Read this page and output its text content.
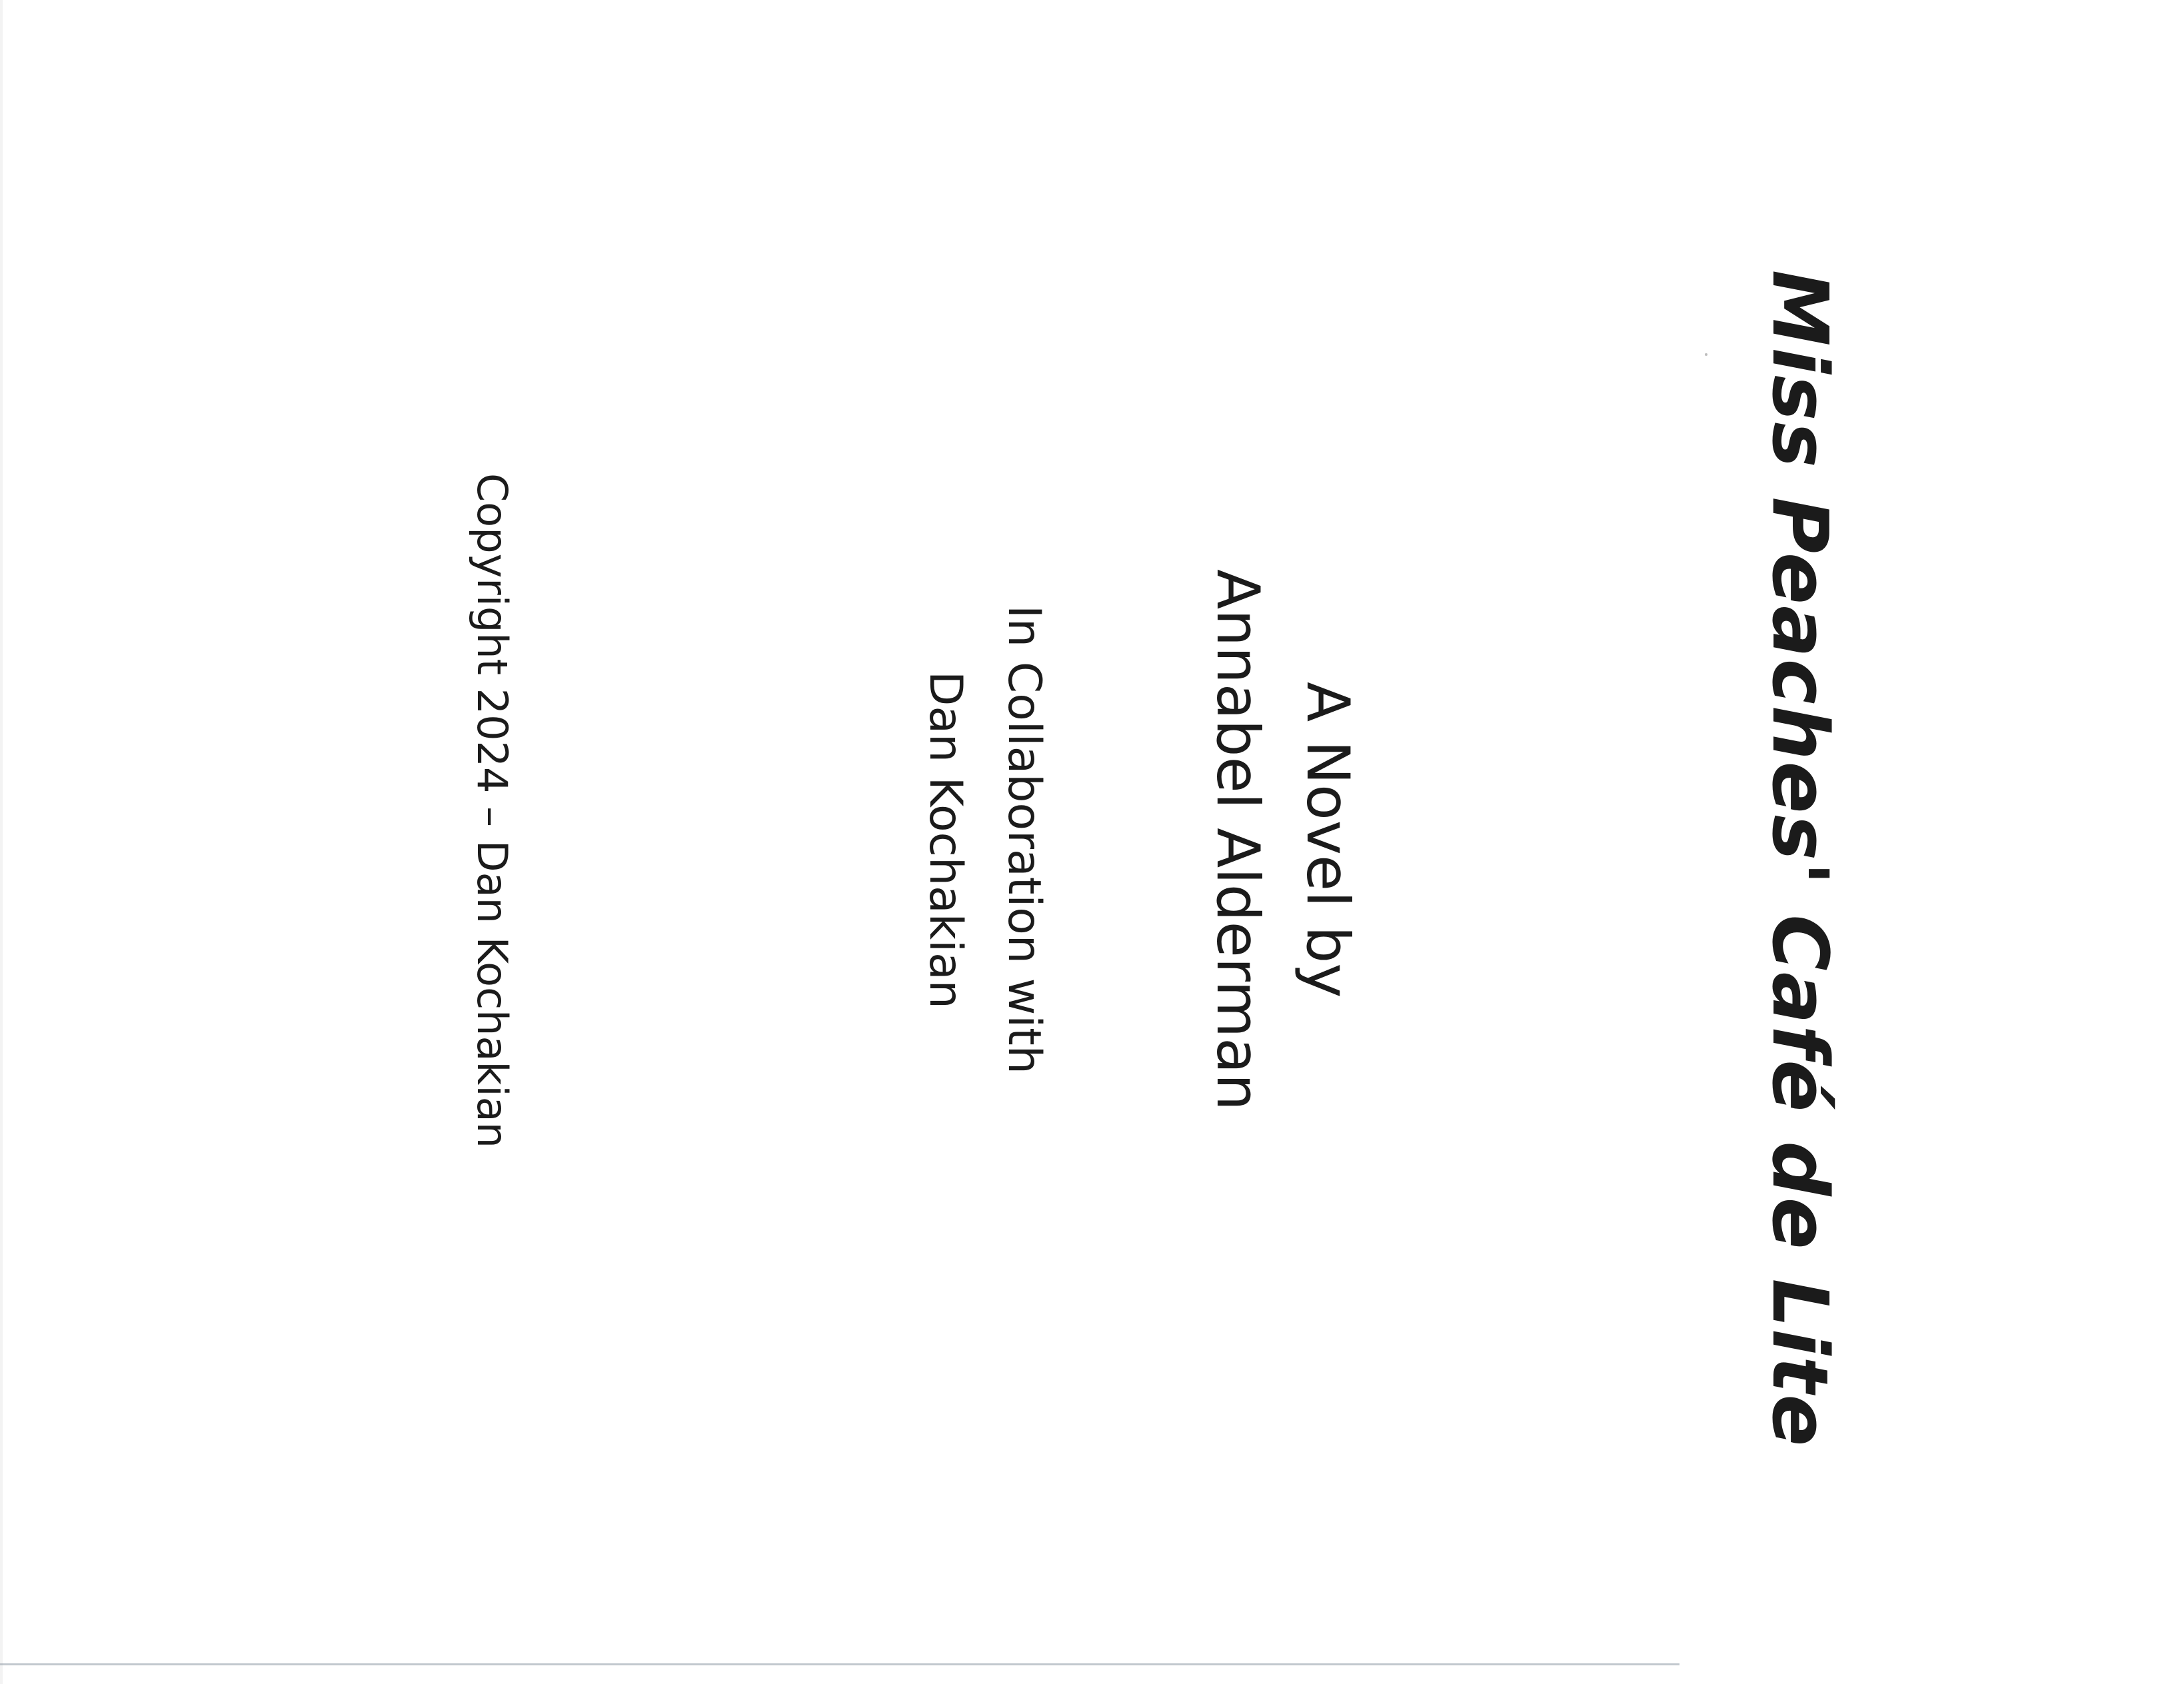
Miss Peaches' Café de Lite
A Novel by
Annabel Alderman
In Collaboration with
Dan Kochakian
Copyright 2024 – Dan Kochakian
